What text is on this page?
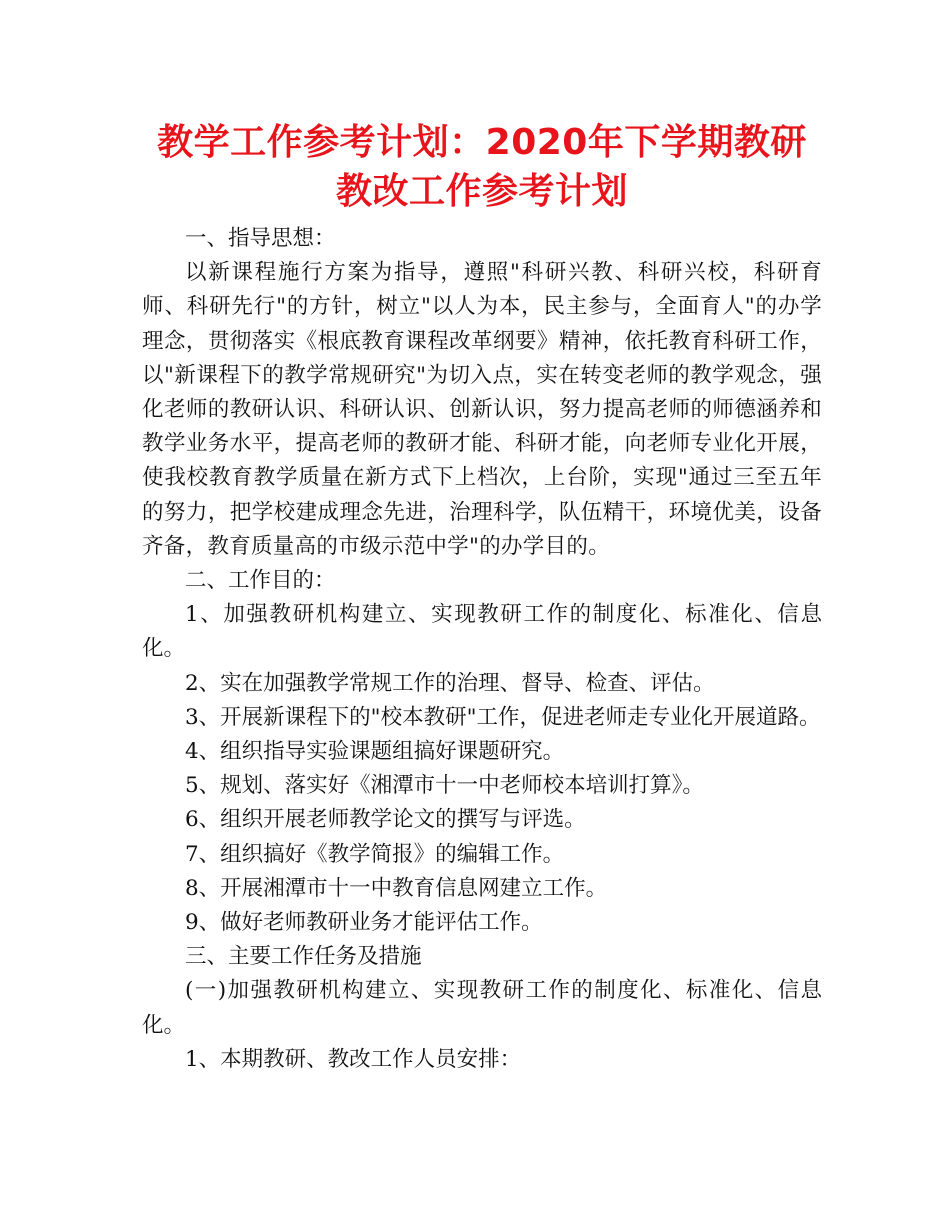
教学工作参考计划：2020年下学期教研教改工作参考计划

一、指导思想：

以新课程施行方案为指导，遵照"科研兴教、科研兴校，科研育师、科研先行"的方针，树立"以人为本，民主参与，全面育人"的办学理念，贯彻落实《根底教育课程改革纲要》精神，依托教育科研工作，以"新课程下的教学常规研究"为切入点，实在转变老师的教学观念，强化老师的教研认识、科研认识、创新认识，努力提高老师的师德涵养和教学业务水平，提高老师的教研才能、科研才能，向老师专业化开展，使我校教育教学质量在新方式下上档次，上台阶，实现"通过三至五年的努力，把学校建成理念先进，治理科学，队伍精干，环境优美，设备齐备，教育质量高的市级示范中学"的办学目的。

二、工作目的：

1、加强教研机构建立、实现教研工作的制度化、标准化、信息化。

2、实在加强教学常规工作的治理、督导、检查、评估。

3、开展新课程下的"校本教研"工作，促进老师走专业化开展道路。

4、组织指导实验课题组搞好课题研究。

5、规划、落实好《湘潭市十一中老师校本培训打算》。

6、组织开展老师教学论文的撰写与评选。

7、组织搞好《教学简报》的编辑工作。

8、开展湘潭市十一中教育信息网建立工作。

9、做好老师教研业务才能评估工作。

三、主要工作任务及措施

(一)加强教研机构建立、实现教研工作的制度化、标准化、信息化。

1、本期教研、教改工作人员安排：
